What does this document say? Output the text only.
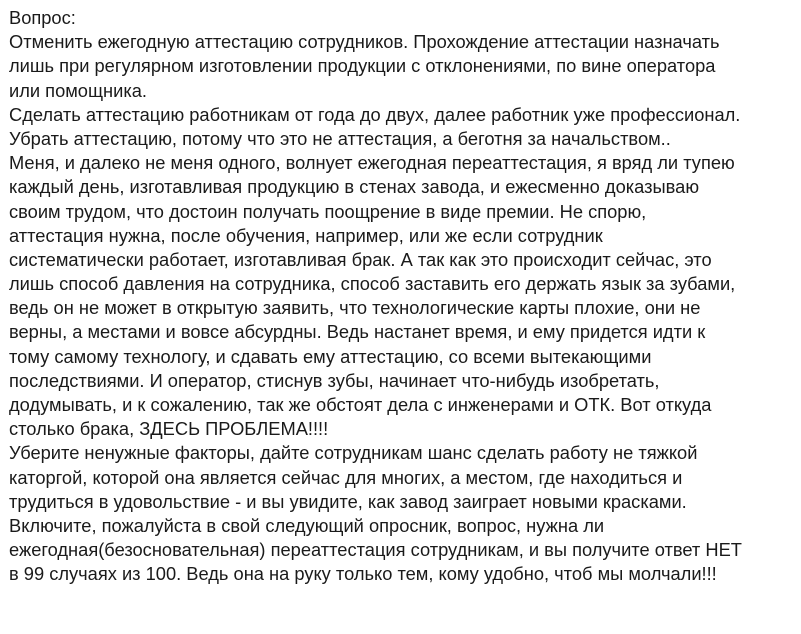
Вопрос:
Отменить ежегодную аттестацию сотрудников. Прохождение аттестации назначать
лишь при регулярном изготовлении продукции с отклонениями, по вине оператора
или помощника.
Сделать аттестацию работникам от года до двух, далее работник уже профессионал.
Убрать аттестацию, потому что это не аттестация, а беготня за начальством..
Меня, и далеко не меня одного, волнует ежегодная переаттестация, я вряд ли тупею
каждый день, изготавливая продукцию в стенах завода, и ежесменно доказываю
своим трудом, что достоин получать поощрение в виде премии. Не спорю,
аттестация нужна, после обучения, например, или же если сотрудник
систематически работает, изготавливая брак. А так как это происходит сейчас, это
лишь способ давления на сотрудника, способ заставить его держать язык за зубами,
ведь он не может в открытую заявить, что технологические карты плохие, они не
верны, а местами и вовсе абсурдны. Ведь настанет время, и ему придется идти к
тому самому технологу, и сдавать ему аттестацию, со всеми вытекающими
последствиями. И оператор, стиснув зубы, начинает что-нибудь изобретать,
додумывать, и к сожалению, так же обстоят дела с инженерами и ОТК. Вот откуда
столько брака, ЗДЕСЬ ПРОБЛЕМА!!!!
Уберите ненужные факторы, дайте сотрудникам шанс сделать работу не тяжкой
каторгой, которой она является сейчас для многих, а местом, где находиться и
трудиться в удовольствие - и вы увидите, как завод заиграет новыми красками.
Включите, пожалуйста в свой следующий опросник, вопрос, нужна ли
ежегодная(безосновательная) переаттестация сотрудникам, и вы получите ответ НЕТ
в 99 случаях из 100. Ведь она на руку только тем, кому удобно, чтоб мы молчали!!!
